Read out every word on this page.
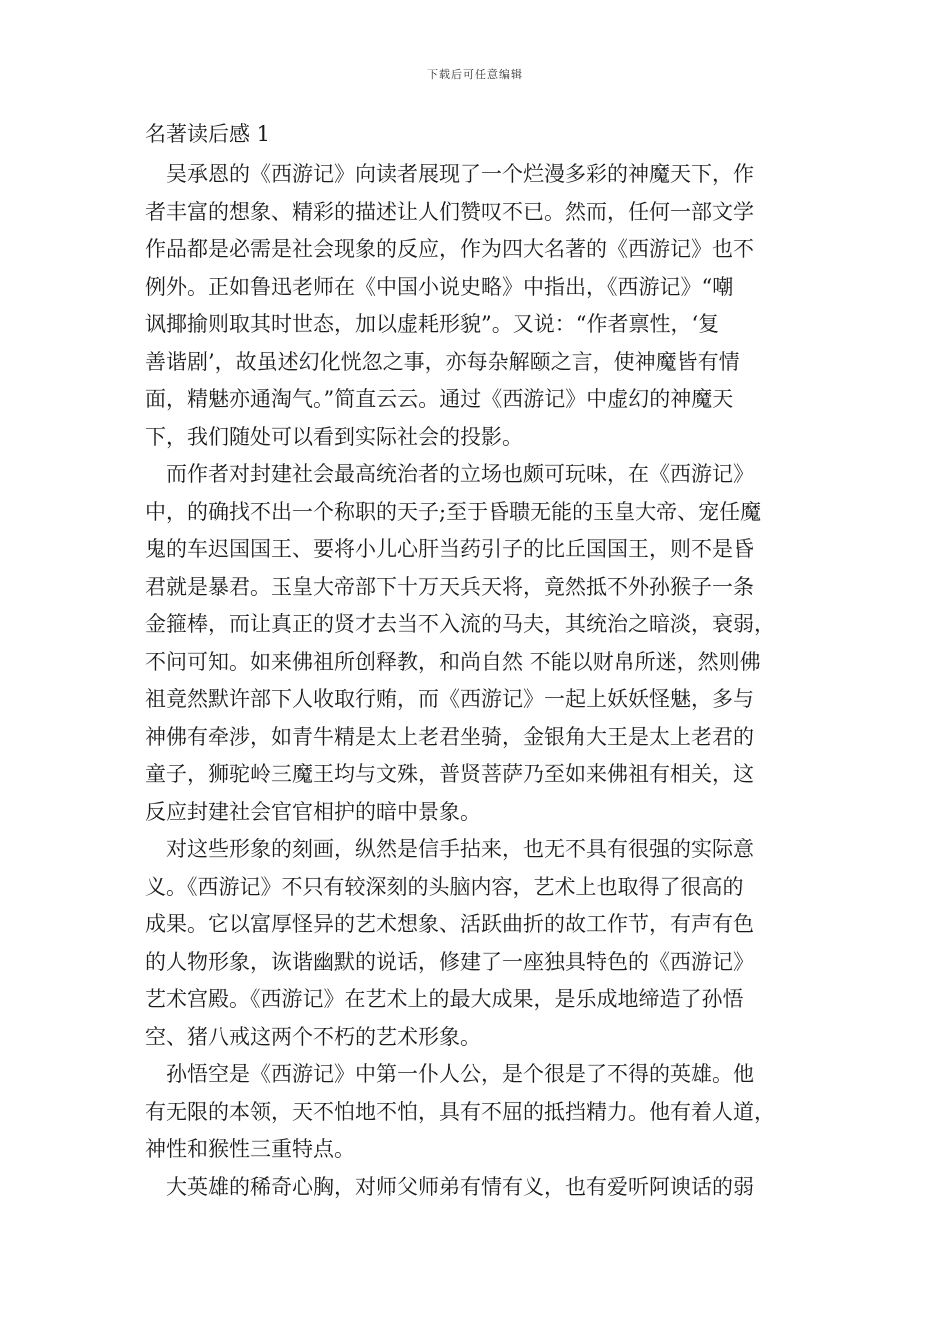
下载后可任意编辑
名著读后感 1

吴承恩的《西游记》向读者展现了一个烂漫多彩的神魔天下，作
者丰富的想象、精彩的描述让人们赞叹不已。然而，任何一部文学
作品都是必需是社会现象的反应，作为四大名著的《西游记》也不
例外。正如鲁迅老师在《中国小说史略》中指出，《西游记》“嘲
讽揶揄则取其时世态，加以虚耗形貌”。又说：“作者禀性，‘复
善谐剧’，故虽述幻化恍忽之事，亦每杂解颐之言，使神魔皆有情
面，精魅亦通淘气。”简直云云。通过《西游记》中虚幻的神魔天
下，我们随处可以看到实际社会的投影。

而作者对封建社会最高统治者的立场也颇可玩味，在《西游记》
中，的确找不出一个称职的天子;至于昏聩无能的玉皇大帝、宠任魔
鬼的车迟国国王、要将小儿心肝当药引子的比丘国国王，则不是昏
君就是暴君。玉皇大帝部下十万天兵天将，竟然抵不外孙猴子一条
金箍棒，而让真正的贤才去当不入流的马夫，其统治之暗淡，衰弱，
不问可知。如来佛祖所创释教，和尚自然 不能以财帛所迷，然则佛
祖竟然默许部下人收取行贿，而《西游记》一起上妖妖怪魅，多与
神佛有牵涉，如青牛精是太上老君坐骑，金银角大王是太上老君的
童子，狮驼岭三魔王均与文殊，普贤菩萨乃至如来佛祖有相关，这
反应封建社会官官相护的暗中景象。

对这些形象的刻画，纵然是信手拈来，也无不具有很强的实际意
义。《西游记》不只有较深刻的头脑内容，艺术上也取得了很高的
成果。它以富厚怪异的艺术想象、活跃曲折的故工作节，有声有色
的人物形象，诙谐幽默的说话，修建了一座独具特色的《西游记》
艺术宫殿。《西游记》在艺术上的最大成果，是乐成地缔造了孙悟
空、猪八戒这两个不朽的艺术形象。

孙悟空是《西游记》中第一仆人公，是个很是了不得的英雄。他
有无限的本领，天不怕地不怕，具有不屈的抵挡精力。他有着人道，
神性和猴性三重特点。

大英雄的稀奇心胸，对师父师弟有情有义，也有爱听阿谀话的弱
